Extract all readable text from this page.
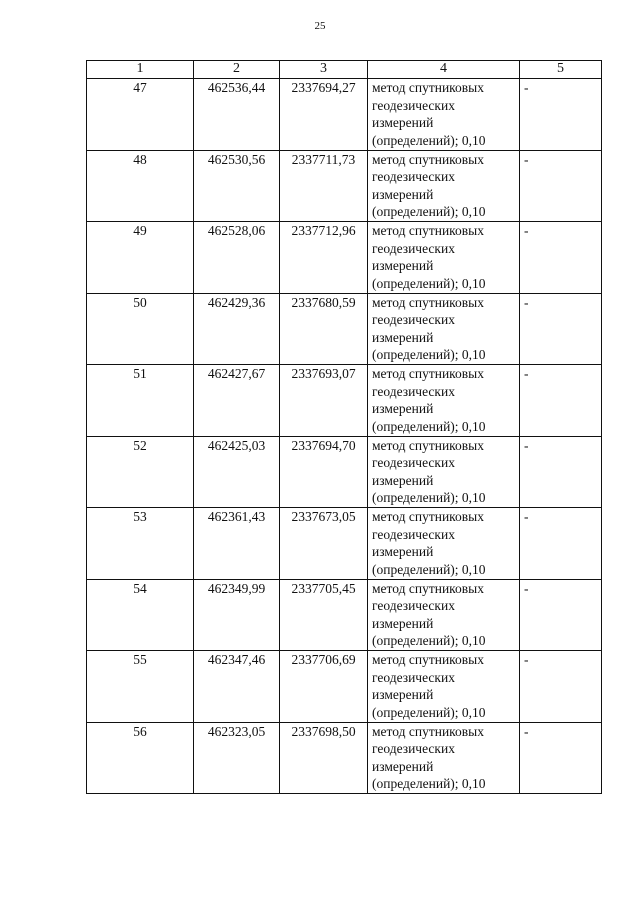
25
1	2	3	4	5
47	462536,44	2337694,27	метод спутниковых
геодезических
измерений
(определений); 0,10	-
48	462530,56	2337711,73	метод спутниковых
геодезических
измерений
(определений); 0,10	-
49	462528,06	2337712,96	метод спутниковых
геодезических
измерений
(определений); 0,10	-
50	462429,36	2337680,59	метод спутниковых
геодезических
измерений
(определений); 0,10	-
51	462427,67	2337693,07	метод спутниковых
геодезических
измерений
(определений); 0,10	-
52	462425,03	2337694,70	метод спутниковых
геодезических
измерений
(определений); 0,10	-
53	462361,43	2337673,05	метод спутниковых
геодезических
измерений
(определений); 0,10	-
54	462349,99	2337705,45	метод спутниковых
геодезических
измерений
(определений); 0,10	-
55	462347,46	2337706,69	метод спутниковых
геодезических
измерений
(определений); 0,10	-
56	462323,05	2337698,50	метод спутниковых
геодезических
измерений
(определений); 0,10	-
